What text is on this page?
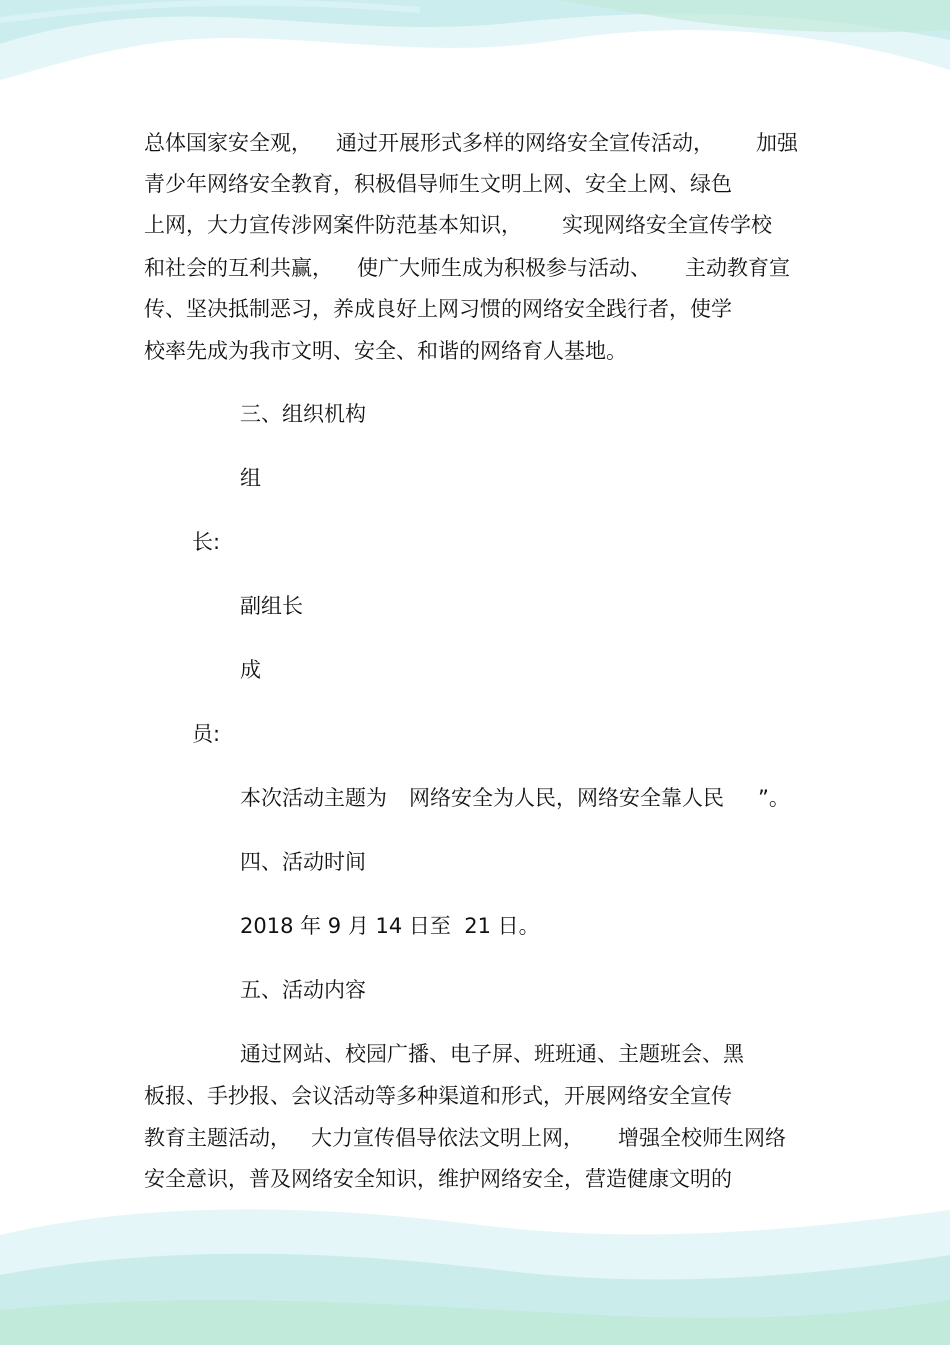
总体国家安全观， 通过开展形式多样的网络安全宣传活动， 加强
青少年网络安全教育，积极倡导师生文明上网、安全上网、绿色
上网，大力宣传涉网案件防范基本知识， 实现网络安全宣传学校
和社会的互利共赢， 使广大师生成为积极参与活动、 主动教育宣
传、坚决抵制恶习，养成良好上网习惯的网络安全践行者，使学
校率先成为我市文明、安全、和谐的网络育人基地。
三、组织机构
组
长:
副组长
成
员:
本次活动主题为 网络安全为人民，网络安全靠人民 ”。
四、活动时间
2018 年 9 月 14 日至  21 日。
五、活动内容
通过网站、校园广播、电子屏、班班通、主题班会、黑
板报、手抄报、会议活动等多种渠道和形式，开展网络安全宣传
教育主题活动， 大力宣传倡导依法文明上网， 增强全校师生网络
安全意识，普及网络安全知识，维护网络安全，营造健康文明的
